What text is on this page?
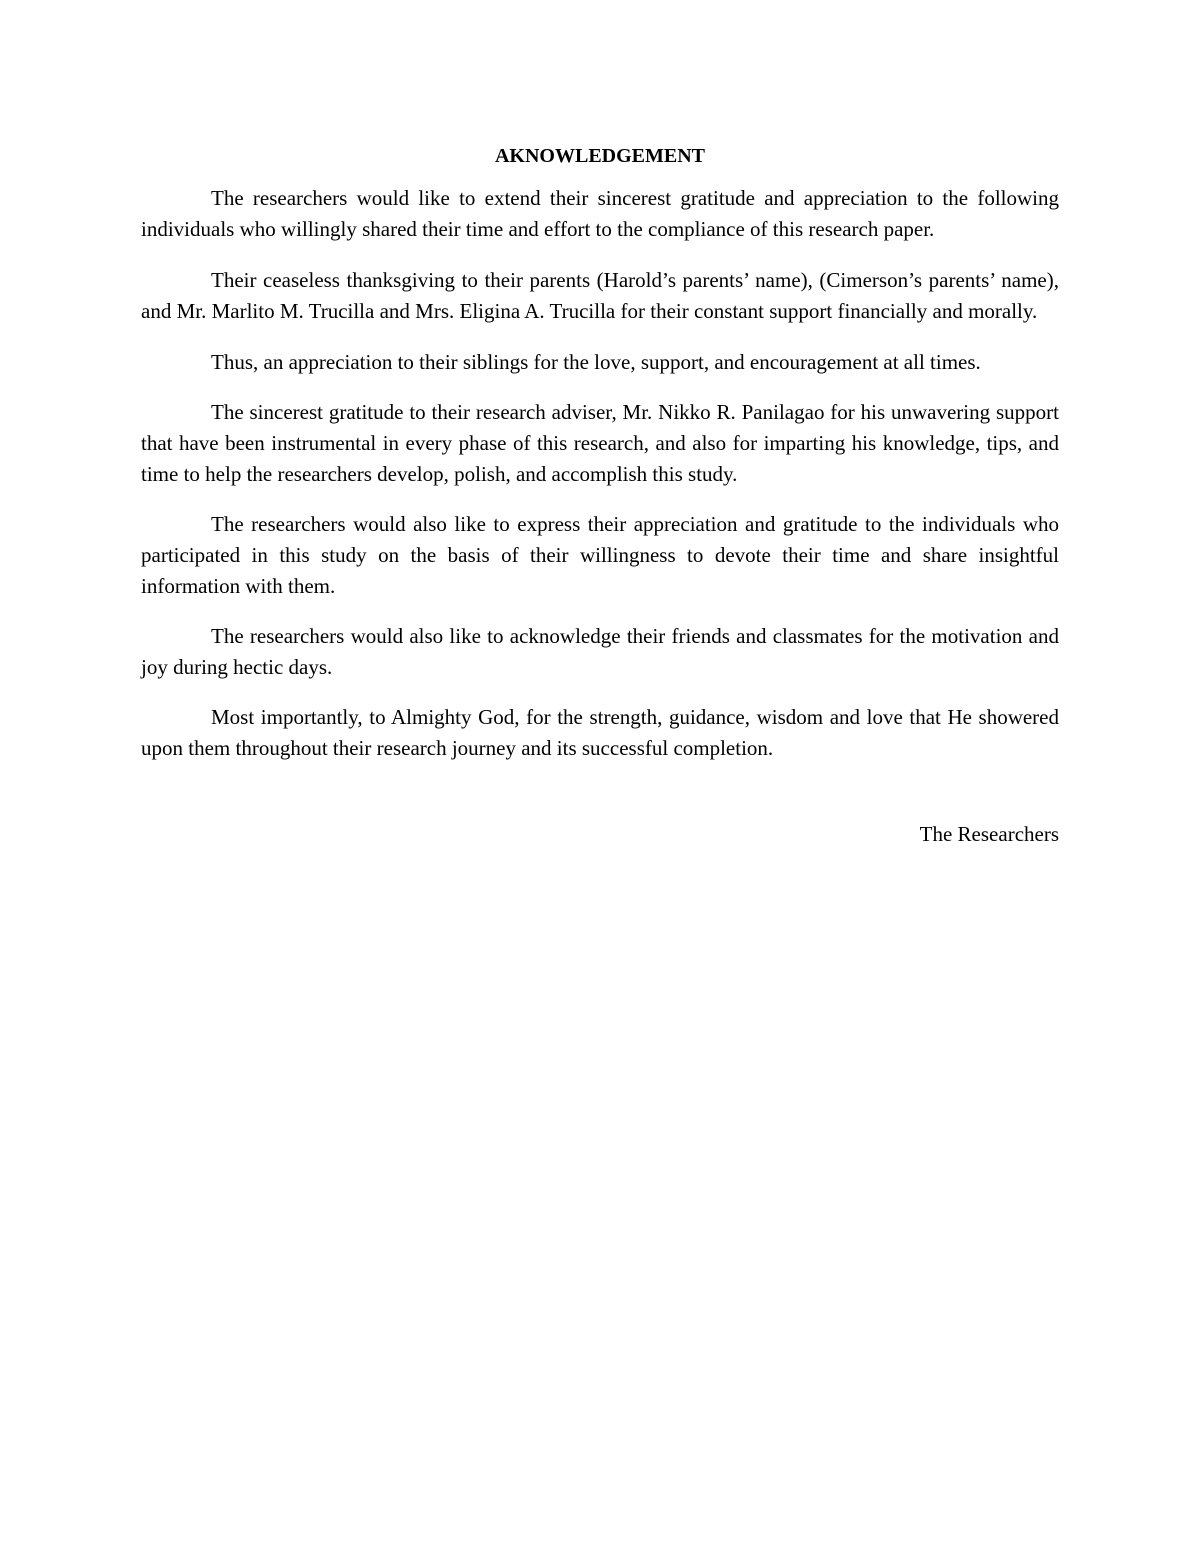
AKNOWLEDGEMENT

The researchers would like to extend their sincerest gratitude and appreciation to the following individuals who willingly shared their time and effort to the compliance of this research paper.

Their ceaseless thanksgiving to their parents (Harold’s parents’ name), (Cimerson’s parents’ name), and Mr. Marlito M. Trucilla and Mrs. Eligina A. Trucilla for their constant support financially and morally.

Thus, an appreciation to their siblings for the love, support, and encouragement at all times.

The sincerest gratitude to their research adviser, Mr. Nikko R. Panilagao for his unwavering support that have been instrumental in every phase of this research, and also for imparting his knowledge, tips, and time to help the researchers develop, polish, and accomplish this study.

The researchers would also like to express their appreciation and gratitude to the individuals who participated in this study on the basis of their willingness to devote their time and share insightful information with them.

The researchers would also like to acknowledge their friends and classmates for the motivation and joy during hectic days.

Most importantly, to Almighty God, for the strength, guidance, wisdom and love that He showered upon them throughout their research journey and its successful completion.

The Researchers
